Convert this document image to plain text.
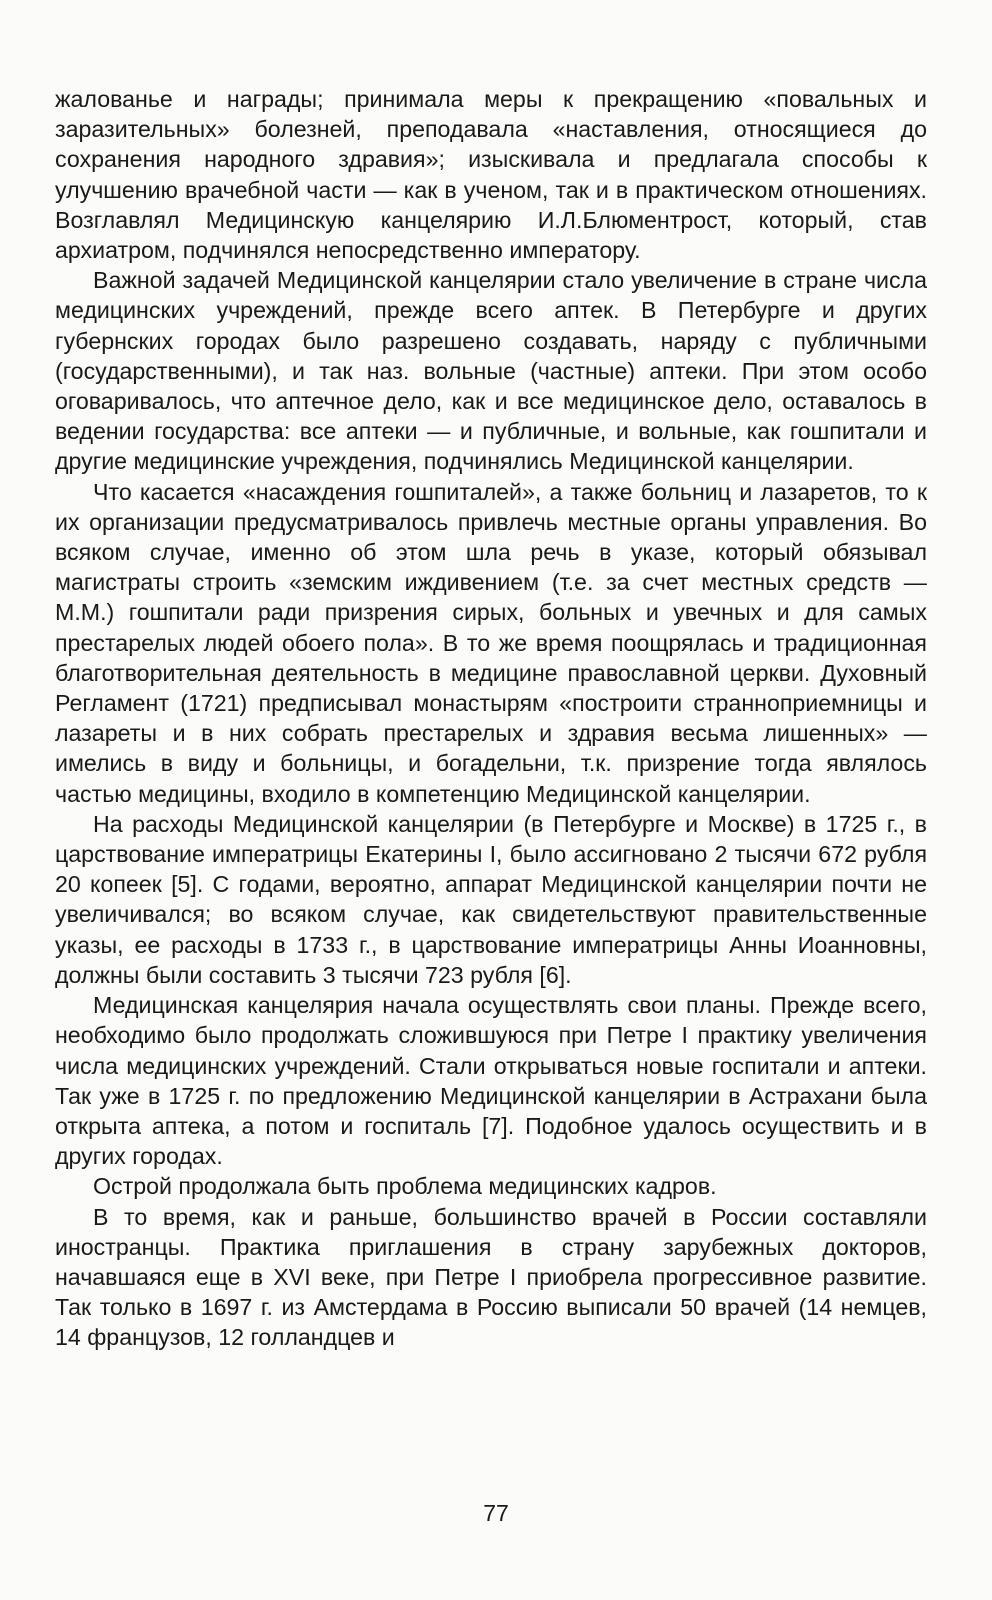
жалованье и награды; принимала меры к прекращению «повальных и заразительных» болезней, преподавала «наставления, относящиеся до сохранения народного здравия»; изыскивала и предлагала способы к улучшению врачебной части — как в ученом, так и в практическом отношениях. Возглавлял Медицинскую канцелярию И.Л.Блюментрост, который, став архиатром, подчинялся непосредственно императору.

Важной задачей Медицинской канцелярии стало увеличение в стране числа медицинских учреждений, прежде всего аптек. В Петербурге и других губернских городах было разрешено создавать, наряду с публичными (государственными), и так наз. вольные (частные) аптеки. При этом особо оговаривалось, что аптечное дело, как и все медицинское дело, оставалось в ведении государства: все аптеки — и публичные, и вольные, как гошпитали и другие медицинские учреждения, подчинялись Медицинской канцелярии.

Что касается «насаждения гошпиталей», а также больниц и лазаретов, то к их организации предусматривалось привлечь местные органы управления. Во всяком случае, именно об этом шла речь в указе, который обязывал магистраты строить «земским иждивением (т.е. за счет местных средств — М.М.) гошпитали ради призрения сирых, больных и увечных и для самых престарелых людей обоего пола». В то же время поощрялась и традиционная благотворительная деятельность в медицине православной церкви. Духовный Регламент (1721) предписывал монастырям «построити странноприемницы и лазареты и в них собрать престарелых и здравия весьма лишенных» — имелись в виду и больницы, и богадельни, т.к. призрение тогда являлось частью медицины, входило в компетенцию Медицинской канцелярии.

На расходы Медицинской канцелярии (в Петербурге и Москве) в 1725 г., в царствование императрицы Екатерины I, было ассигновано 2 тысячи 672 рубля 20 копеек [5]. С годами, вероятно, аппарат Медицинской канцелярии почти не увеличивался; во всяком случае, как свидетельствуют правительственные указы, ее расходы в 1733 г., в царствование императрицы Анны Иоанновны, должны были составить 3 тысячи 723 рубля [6].

Медицинская канцелярия начала осуществлять свои планы. Прежде всего, необходимо было продолжать сложившуюся при Петре I практику увеличения числа медицинских учреждений. Стали открываться новые госпитали и аптеки. Так уже в 1725 г. по предложению Медицинской канцелярии в Астрахани была открыта аптека, а потом и госпиталь [7]. Подобное удалось осуществить и в других городах.

Острой продолжала быть проблема медицинских кадров.

В то время, как и раньше, большинство врачей в России составляли иностранцы. Практика приглашения в страну зарубежных докторов, начавшаяся еще в XVI веке, при Петре I приобрела прогрессивное развитие. Так только в 1697 г. из Амстердама в Россию выписали 50 врачей (14 немцев, 14 французов, 12 голландцев и

77
